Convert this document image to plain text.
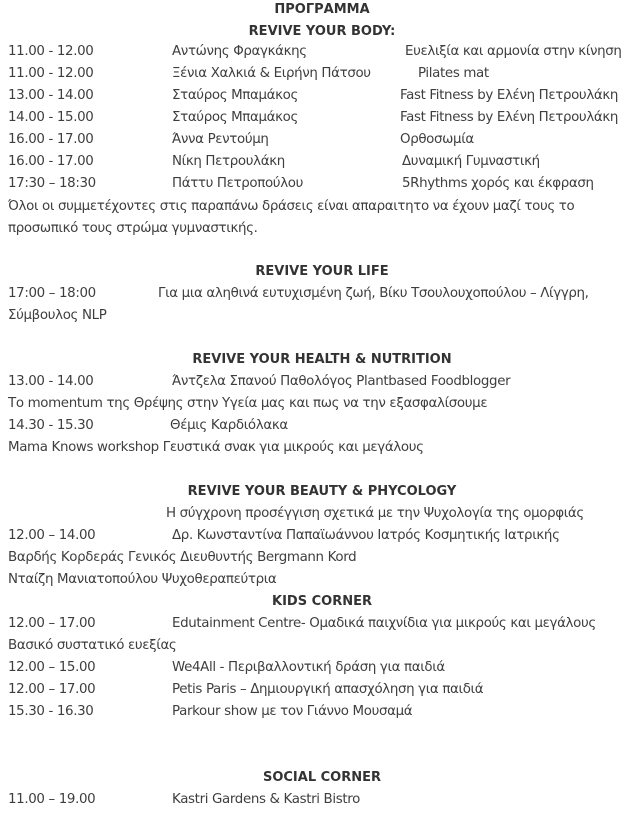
ΠΡΟΓΡΑΜΜΑ
REVIVE YOUR BODY:
11.00 - 12.00	Αντώνης Φραγκάκης	Ευελιξία και αρμονία στην κίνηση
11.00 - 12.00	Ξένια Χαλκιά & Ειρήνη Πάτσου	Pilates mat
13.00 - 14.00	Σταύρος Μπαμάκος	Fast Fitness by Ελένη Πετρουλάκη
14.00 - 15.00	Σταύρος Μπαμάκος	Fast Fitness by Ελένη Πετρουλάκη
16.00 - 17.00	Άννα Ρεντούμη	Ορθοσωμία
16.00 - 17.00	Νίκη Πετρουλάκη	Δυναμική Γυμναστική
17:30 – 18:30	Πάττυ Πετροπούλου	5Rhythms χορός και έκφραση
Όλοι οι συμμετέχοντες στις παραπάνω δράσεις είναι απαραιτητο να έχουν μαζί τους το
προσωπικό τους στρώμα γυμναστικής.
REVIVE YOUR LIFE
17:00 – 18:00	Για μια αληθινά ευτυχισμένη ζωή, Βίκυ Τσουλουχοπούλου – Λίγγρη,
Σύμβουλος NLP
REVIVE YOUR HEALTH & NUTRITION
13.00 - 14.00	Άντζελα Σπανού Παθολόγος Plantbased Foodblogger
Το momentum της Θρέψης στην Υγεία μας και πως να την εξασφαλίσουμε
14.30 - 15.30	Θέμις Καρδιόλακα
Mama Knows workshop Γευστικά σνακ για μικρούς και μεγάλους
REVIVE YOUR BEAUTY & PHYCOLOGY
Η σύγχρονη προσέγγιση σχετικά με την Ψυχολογία της ομορφιάς
12.00 – 14.00	Δρ. Κωνσταντίνα Παπαϊωάννου Ιατρός Κοσμητικής Ιατρικής
Βαρδής Κορδεράς Γενικός Διευθυντής Bergmann Kord
Νταίζη Μανιατοπούλου Ψυχοθεραπεύτρια
KIDS CORNER
12.00 – 17.00	Edutainment Centre- Ομαδικά παιχνίδια για μικρούς και μεγάλους
Βασικό συστατικό ευεξίας
12.00 – 15.00	We4All - Περιβαλλοντική δράση για παιδιά
12.00 – 17.00	Petis Paris – Δημιουργική απασχόληση για παιδιά
15.30 - 16.30	Parkour show με τον Γιάννο Μουσαμά
SOCIAL CORNER
11.00 – 19.00	Kastri Gardens & Kastri Bistro
